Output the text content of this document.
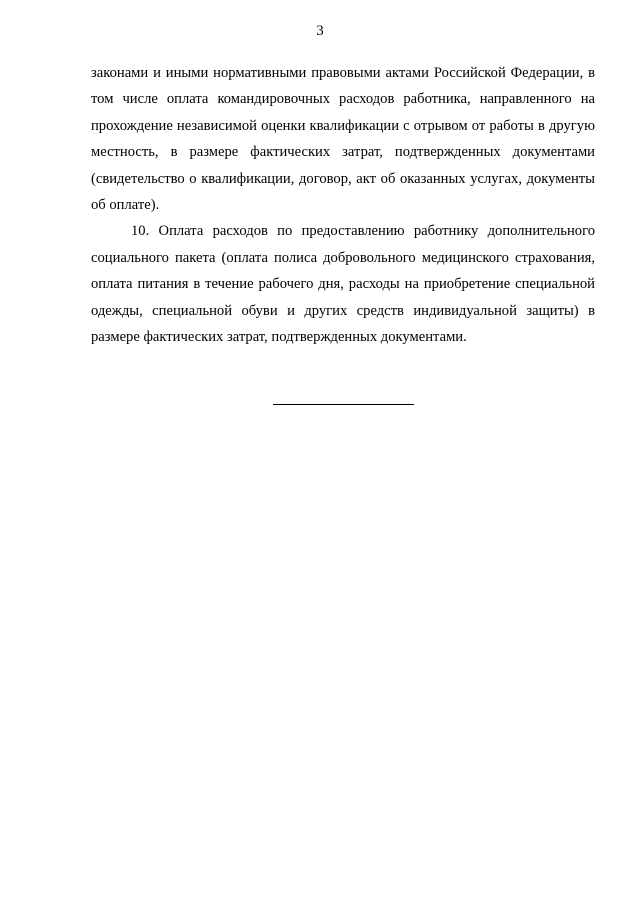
3

законами и иными нормативными правовыми актами Российской Федерации, в том числе оплата командировочных расходов работника, направленного на прохождение независимой оценки квалификации с отрывом от работы в другую местность, в размере фактических затрат, подтвержденных документами (свидетельство о квалификации, договор, акт об оказанных услугах, документы об оплате).

10. Оплата расходов по предоставлению работнику дополнительного социального пакета (оплата полиса добровольного медицинского страхования, оплата питания в течение рабочего дня, расходы на приобретение специальной одежды, специальной обуви и других средств индивидуальной защиты) в размере фактических затрат, подтвержденных документами.
